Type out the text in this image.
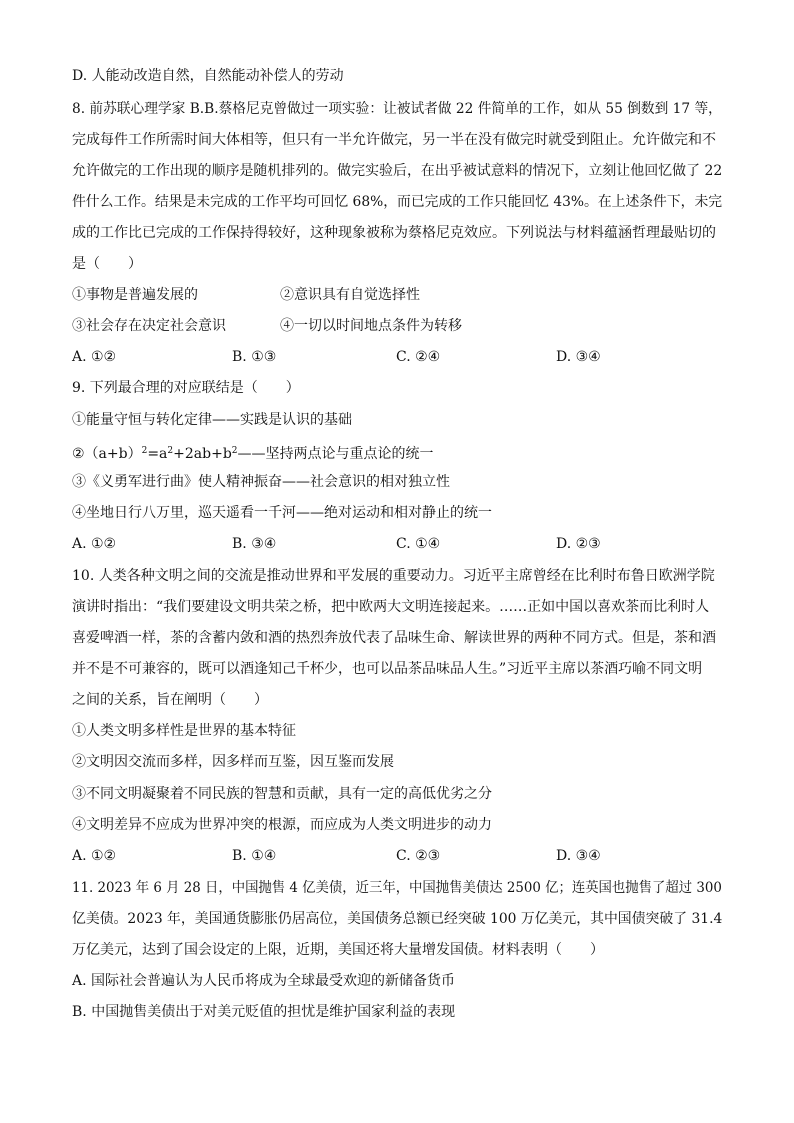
D. 人能动改造自然，自然能动补偿人的劳动
8. 前苏联心理学家 B.B.蔡格尼克曾做过一项实验：让被试者做 22 件简单的工作，如从 55 倒数到 17 等，
完成每件工作所需时间大体相等，但只有一半允许做完，另一半在没有做完时就受到阻止。允许做完和不
允许做完的工作出现的顺序是随机排列的。做完实验后，在出乎被试意料的情况下，立刻让他回忆做了 22
件什么工作。结果是未完成的工作平均可回忆 68%，而已完成的工作只能回忆 43%。在上述条件下，未完
成的工作比已完成的工作保持得较好，这种现象被称为蔡格尼克效应。下列说法与材料蕴涵哲理最贴切的
是（　　）
①事物是普遍发展的	②意识具有自觉选择性
③社会存在决定社会意识	④一切以时间地点条件为转移
A. ①②	B. ①③	C. ②④	D. ③④
9. 下列最合理的对应联结是（　　）
①能量守恒与转化定律——实践是认识的基础
$②(a+b)^2=a^2+2ab+b^2——$坚持两点论与重点论的统一
③《义勇军进行曲》使人精神振奋——社会意识的相对独立性
④坐地日行八万里，巡天遥看一千河——绝对运动和相对静止的统一
A. ①②	B. ③④	C. ①④	D. ②③
10. 人类各种文明之间的交流是推动世界和平发展的重要动力。习近平主席曾经在比利时布鲁日欧洲学院
演讲时指出：“我们要建设文明共荣之桥，把中欧两大文明连接起来。……正如中国以喜欢茶而比利时人
喜爱啤酒一样，茶的含蓄内敛和酒的热烈奔放代表了品味生命、解读世界的两种不同方式。但是，茶和酒
并不是不可兼容的，既可以酒逢知己千杯少，也可以品茶品味品人生。”习近平主席以茶酒巧喻不同文明
之间的关系，旨在阐明（　　）
①人类文明多样性是世界的基本特征
②文明因交流而多样，因多样而互鉴，因互鉴而发展
③不同文明凝聚着不同民族的智慧和贡献，具有一定的高低优劣之分
④文明差异不应成为世界冲突的根源，而应成为人类文明进步的动力
A. ①②	B. ①④	C. ②③	D. ③④
11. 2023 年 6 月 28 日，中国抛售 4 亿美债，近三年，中国抛售美债达 2500 亿；连英国也抛售了超过 300
亿美债。2023 年，美国通货膨胀仍居高位，美国债务总额已经突破 100 万亿美元，其中国债突破了 31.4
万亿美元，达到了国会设定的上限，近期，美国还将大量增发国债。材料表明（　　）
A. 国际社会普遍认为人民币将成为全球最受欢迎的新储备货币
B. 中国抛售美债出于对美元贬值的担忧是维护国家利益的表现
